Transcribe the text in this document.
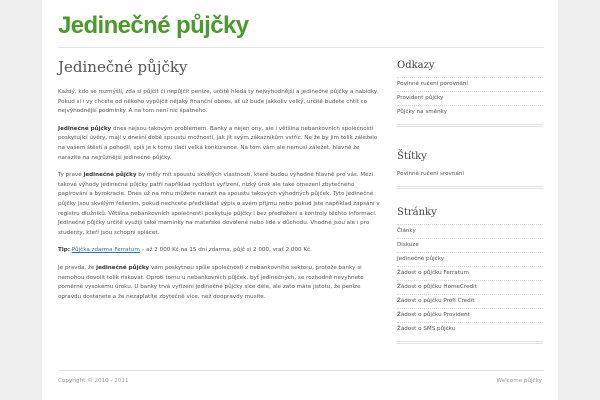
Jedinečné půjčky
Jedinečné půjčky

Každý, kdo se rozmýšlí, zda si půjčit či nepůjčit peníze, určitě hledá ty nejvýhodnější a jedinečné půjčky a nabídky. Pokud si i vy chcete od někoho vypůjčit nějaký finanční obnos, ať už bude jakkoliv velký, určitě budete chtít co nejvýhodnější podmínky. A na tom není nic špatného.

Jedinečné půjčky dnes nejsou takovým problémem. Banky a nejen ony, ale i většina nebankovních společností poskytující úvěry, mají v dnešní době spoustu možností, jak jít svým zákazníkům vstříc. Ne že by jim tolik záleželo na vašem štěstí a pohodlí, spíš je k tomu tlačí velká konkurence. Na tom vám ale nemusí záležet, hlavně že narazíte na nejrůznější jedinečné půjčky.

Ty pravé jedinečné půjčky by měly mít spoustu skvělých vlastností, které budou výhodné hlavně pro vás. Mezi takové výhody jedinečné půjčky patří například rychlost vyřízení, nízký úrok ale také omezení zbytečného papírování a byrokracie. Dnes už na mhu můžete narazit na spoustu takových výhodných půjček. Tyto jedinečné půjčky jsou skvělým řešením, pokud nechcete předkládat výpis o svém příjmu nebo pokud jste například zapsáni v registru dlužníků. Většina nebankovních společností poskytuje půjčky i bez předložení a kontroly těchto informací. Jedinečné půjčky určitě využijí také maminky na mateřské dovolené nebo lidé v důchodu. Vhodné jsou ale i pro studenty, kteří jsou schopni splácet.

Tip: Půjčka zdarma Ferratum – až 2 000 Kč na 15 dní zdarma, půjč si 2 000, vrať 2 000 Kč.

Je pravda, že jedinečné půjčky vám poskytnou spíše společnosti z nebankovního sektoru, protože banky si nemohou dovolit tolik riskovat. Oproti tomu u nebankovních půjček, byť jedinečných, se rozhodně nevyhnete poměrně vysokému úroku. U banky trvá vyřízení jedinečné půjčky sice déle, ale zato máte jistotu, že peníze opravdu dostanete a že nezaplatíte zbytečně více, než doopravdy musíte.

Odkazy
Povinné ručení porovnání
Provident půjčky
Půjčky na směnky
Štítky
Povinné ručení srovnání
Stránky
Články
Diskuze
Jedinečné půjčky
Žádost o půjčku Ferratum
Žádost o půjčku HomeCredit
Žádost o půjčku Profi Credit
Žádost o půjčku Provident
Žádost o SMS půjčku
Copyright © 2010 - 2011	Welcome půjčky
